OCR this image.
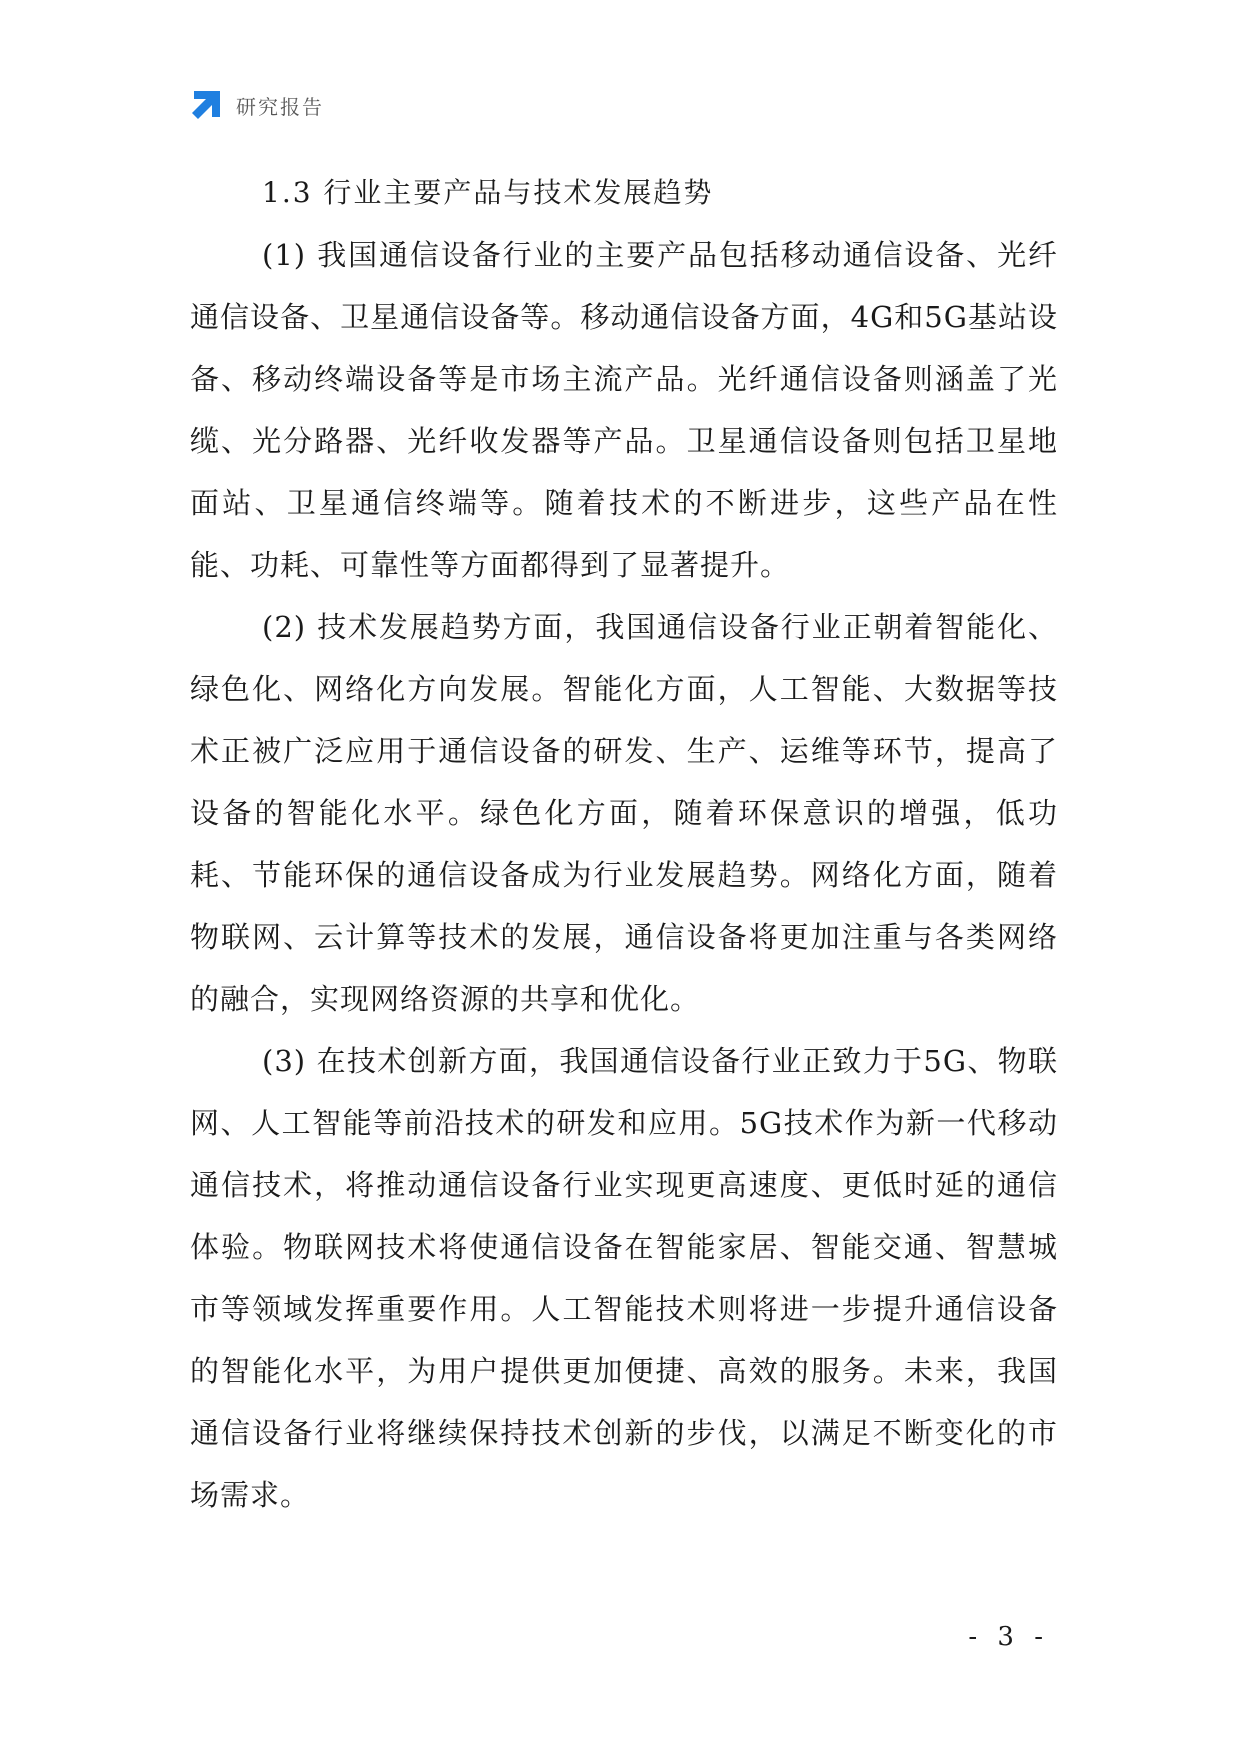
研究报告
1.3 行业主要产品与技术发展趋势

(1) 我国通信设备行业的主要产品包括移动通信设备、光纤通信设备、卫星通信设备等。移动通信设备方面，4G和5G基站设备、移动终端设备等是市场主流产品。光纤通信设备则涵盖了光缆、光分路器、光纤收发器等产品。卫星通信设备则包括卫星地面站、卫星通信终端等。随着技术的不断进步，这些产品在性能、功耗、可靠性等方面都得到了显著提升。

(2) 技术发展趋势方面，我国通信设备行业正朝着智能化、绿色化、网络化方向发展。智能化方面，人工智能、大数据等技术正被广泛应用于通信设备的研发、生产、运维等环节，提高了设备的智能化水平。绿色化方面，随着环保意识的增强，低功耗、节能环保的通信设备成为行业发展趋势。网络化方面，随着物联网、云计算等技术的发展，通信设备将更加注重与各类网络的融合，实现网络资源的共享和优化。

(3) 在技术创新方面，我国通信设备行业正致力于5G、物联网、人工智能等前沿技术的研发和应用。5G技术作为新一代移动通信技术，将推动通信设备行业实现更高速度、更低时延的通信体验。物联网技术将使通信设备在智能家居、智能交通、智慧城市等领域发挥重要作用。人工智能技术则将进一步提升通信设备的智能化水平，为用户提供更加便捷、高效的服务。未来，我国通信设备行业将继续保持技术创新的步伐，以满足不断变化的市场需求。

- 3 -
